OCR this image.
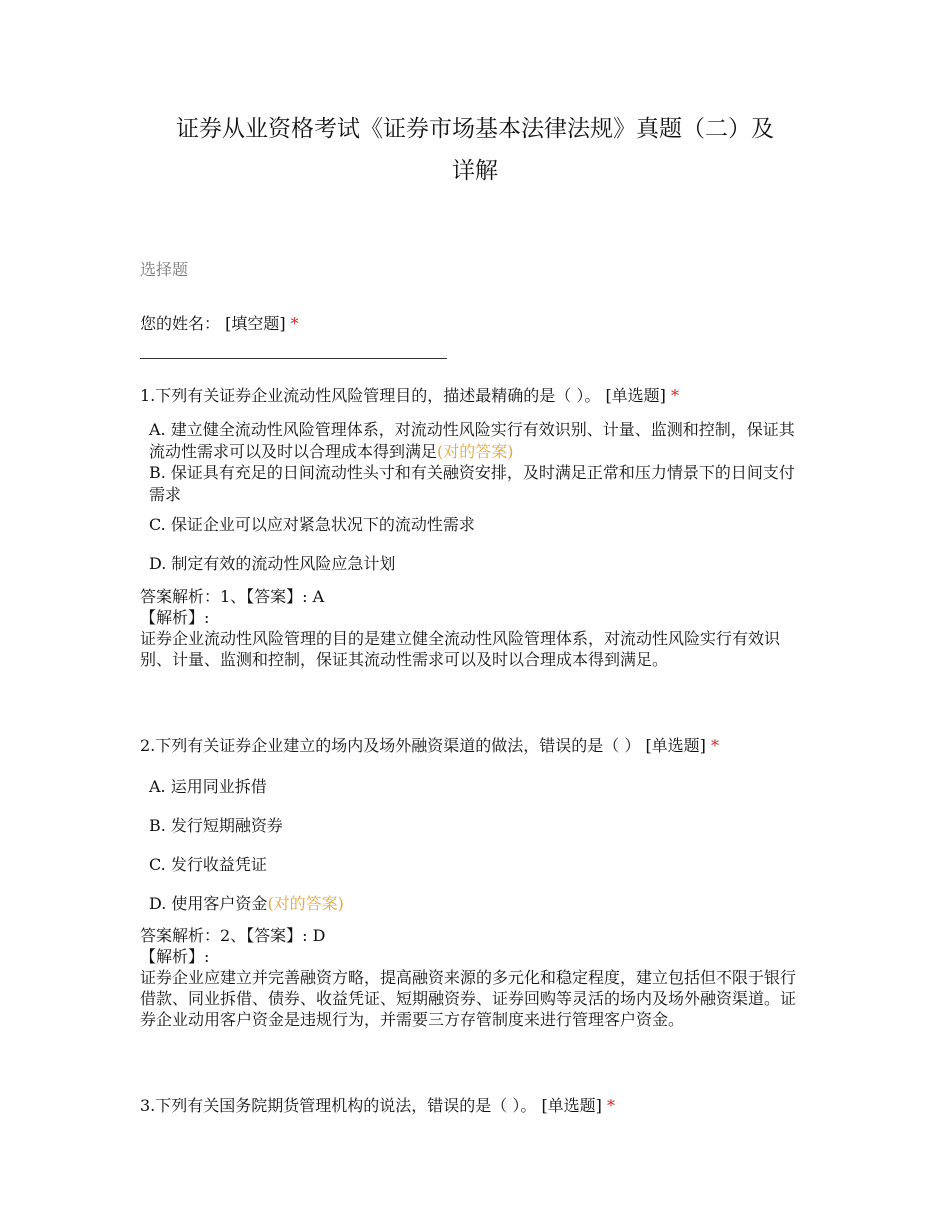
证券从业资格考试《证券市场基本法律法规》真题（二）及
详解
选择题
您的姓名： [填空题] *
1.下列有关证券企业流动性风险管理目的，描述最精确的是（ ）。 [单选题] *
A. 建立健全流动性风险管理体系，对流动性风险实行有效识别、计量、监测和控制，保证其流动性需求可以及时以合理成本得到满足(对的答案)
B. 保证具有充足的日间流动性头寸和有关融资安排，及时满足正常和压力情景下的日间支付需求
C. 保证企业可以应对紧急状况下的流动性需求
D. 制定有效的流动性风险应急计划
答案解析：1、【答案】: A
【解析】:
证券企业流动性风险管理的目的是建立健全流动性风险管理体系，对流动性风险实行有效识别、计量、监测和控制，保证其流动性需求可以及时以合理成本得到满足。
2.下列有关证券企业建立的场内及场外融资渠道的做法，错误的是（ ） [单选题] *
A. 运用同业拆借
B. 发行短期融资券
C. 发行收益凭证
D. 使用客户资金(对的答案)
答案解析：2、【答案】: D
【解析】:
证券企业应建立并完善融资方略，提高融资来源的多元化和稳定程度，建立包括但不限于银行借款、同业拆借、债券、收益凭证、短期融资券、证券回购等灵活的场内及场外融资渠道。证券企业动用客户资金是违规行为，并需要三方存管制度来进行管理客户资金。
3.下列有关国务院期货管理机构的说法，错误的是（ ）。 [单选题] *
